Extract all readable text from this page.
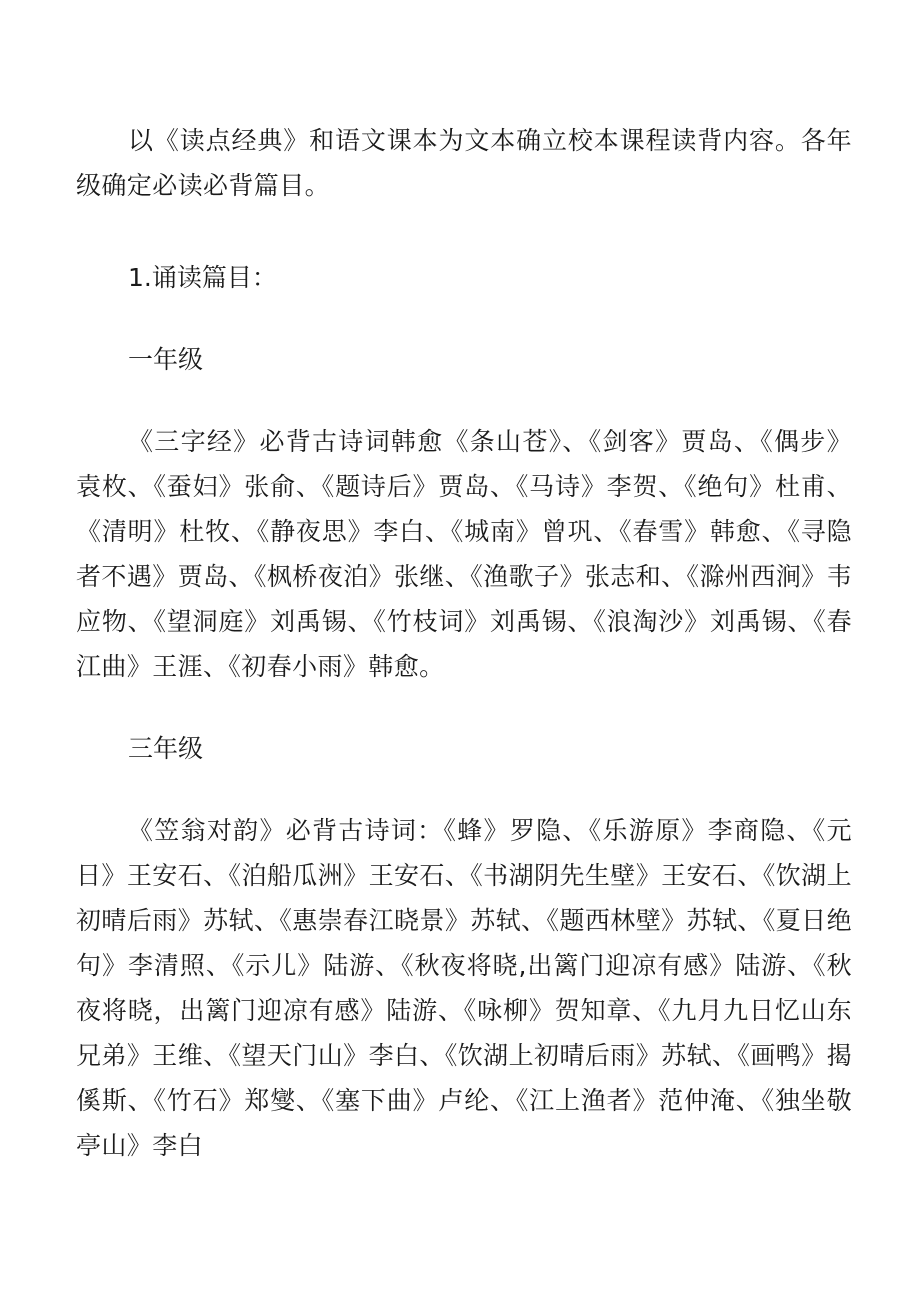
以《读点经典》和语文课本为文本确立校本课程读背内容。各年级确定必读必背篇目。

1.诵读篇目：

一年级

《三字经》必背古诗词韩愈《条山苍》、《剑客》贾岛、《偶步》袁枚、《蚕妇》张俞、《题诗后》贾岛、《马诗》李贺、《绝句》杜甫、《清明》杜牧、《静夜思》李白、《城南》曾巩、《春雪》韩愈、《寻隐者不遇》贾岛、《枫桥夜泊》张继、《渔歌子》张志和、《滁州西涧》韦应物、《望洞庭》刘禹锡、《竹枝词》刘禹锡、《浪淘沙》刘禹锡、《春江曲》王涯、《初春小雨》韩愈。

三年级

《笠翁对韵》必背古诗词：《蜂》罗隐、《乐游原》李商隐、《元日》王安石、《泊船瓜洲》王安石、《书湖阴先生壁》王安石、《饮湖上初晴后雨》苏轼、《惠崇春江晓景》苏轼、《题西林壁》苏轼、《夏日绝句》李清照、《示儿》陆游、《秋夜将晓,出篱门迎凉有感》陆游、《秋夜将晓，出篱门迎凉有感》陆游、《咏柳》贺知章、《九月九日忆山东兄弟》王维、《望天门山》李白、《饮湖上初晴后雨》苏轼、《画鸭》揭傒斯、《竹石》郑燮、《塞下曲》卢纶、《江上渔者》范仲淹、《独坐敬亭山》李白
